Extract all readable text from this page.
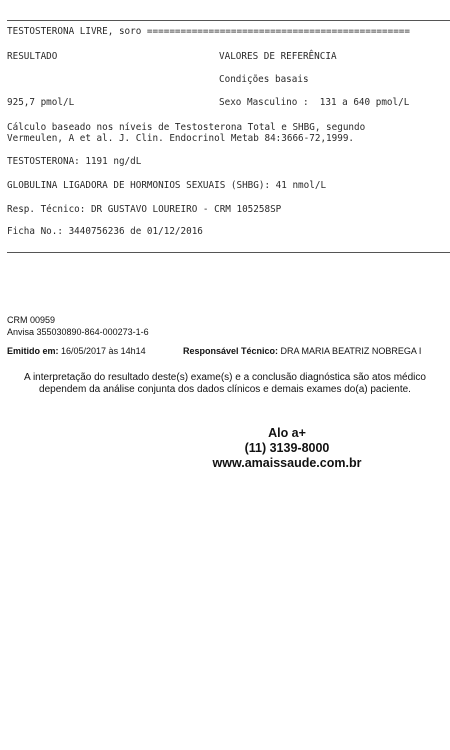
TESTOSTERONA LIVRE, soro ===============================================
RESULTADO	VALORES DE REFERÊNCIA
Condições basais
925,7 pmol/L	Sexo Masculino :  131 a 640 pmol/L
Cálculo baseado nos níveis de Testosterona Total e SHBG, segundo
Vermeulen, A et al. J. Clin. Endocrinol Metab 84:3666-72,1999.
TESTOSTERONA: 1191 ng/dL
GLOBULINA LIGADORA DE HORMONIOS SEXUAIS (SHBG): 41 nmol/L
Resp. Técnico: DR GUSTAVO LOUREIRO - CRM 105258SP
Ficha No.: 3440756236 de 01/12/2016
CRM 00959
Anvisa 355030890-864-000273-1-6
Emitido em: 16/05/2017 às 14h14	Responsável Técnico: DRA MARIA BEATRIZ NOBREGA I
A interpretação do resultado deste(s) exame(s) e a conclusão diagnóstica são atos médico
dependem da análise conjunta dos dados clínicos e demais exames do(a) paciente.
Alo a+
(11) 3139-8000
www.amaissaude.com.br
